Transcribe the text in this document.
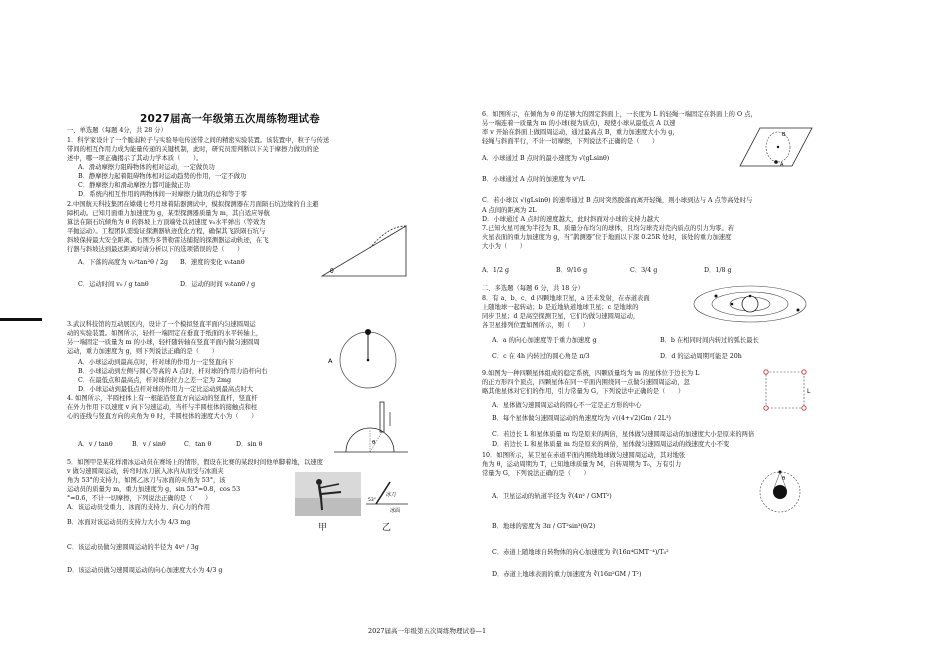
2027届高一年级第五次周练物理试卷
一、单选题（每题 4分，共 28 分）
1．科学家设计了一个脆弱粒子与实验导电传送带之间的精密实验装置。该装置中，粒子与传送
带间的相互作用力成为能量传递的关键机制，此时，研究员需判断以下关于摩擦力做功的论
述中，哪一项正确揭示了其动力学本质（　　）。
A．滑动摩擦力阻碍物体的相对运动，一定做负功
B．静摩擦力起着阻碍物体相对运动趋势的作用，一定不做功
C．静摩擦力和滑动摩擦力都可能做正功
D．系统内相互作用的两物体间一对摩擦力做功的总和等于零
2.中国航天科技集团在嫦娥七号月球着陆器测试中，模拟探测器在月面陨石坑边缘的自主避
障机动。已知月面重力加速度为 g，某型探测器质量为 m，其自适应导航
算法在陨石坑倾角为 θ 的斜坡上方顶端处以初速度 v₀水平弹出（等效为
平抛运动）。工程团队需验证探测器轨迹优化方程，确保其飞跃陨石坑与
斜坡保持最大安全距离。右图为多普勒雷达捕捉的探测器运动轨迹，在飞
行器与斜坡达到最远距离时请分析以下的选项错误的是（　　）
A．下落的高度为 v₀²tan²θ / 2g B．速度的变化 v₀tanθ
C．运动时间 v₀ / g tanθ	D．运动的时间 v₀tanθ / g
θ
3.武汉科技馆的互动展区内，设计了一个模拟竖直平面内匀速圆周运
动的实验装置。如图所示，轻杆一端固定在垂直于纸面的水平转轴上，
另一端固定一质量为 m 的小球，轻杆随转轴在竖直平面内做匀速圆周
运动，重力加速度为 g，则下列说法正确的是（　　）
A．小球运动到最高点时，杆对球的作用力一定竖直向下
B．小球运动到左侧与圆心等高的 A 点时，杆对球的作用力沿杆向右
C．在最低点和最高点，杆对球的拉力之差一定为 2mg
D．小球运动到最低点杆对球的作用力一定比运动到最高点时大
A
4. 如图所示，半圆柱体上有一根能沿竖直方向运动的竖直杆，竖直杆
在外力作用下以速度 v 向下匀速运动，当杆与半圆柱体的接触点和柱
心的连线与竖直方向的夹角为 θ 时，半圆柱体的速度大小为（　　）
A．v / tanθ	B．v / sinθ	C．tan θ	D．sin θ	θ
5．如图甲是某花样滑冰运动员在赛场上的情形，假设在比赛的某段时间他单脚着地，以速度
v 做匀速圆周运动，转弯时冰刀嵌入冰内从而受与冰面夹
角为 53°的支持力，如图乙冰刀与冰面的夹角为 53°，该
运动员的质量为 m，重力加速度为 g，sin 53°=0.8，cos 53
°=0.6，不计一切摩擦，下列说法正确的是（　　）
A．该运动员受重力、冰面的支持力、向心力的作用
B．冰面对该运动员的支持力大小为 4/3 mg
C．该运动员做匀速圆周运动的半径为 4v² / 3g
D．该运动员做匀速圆周运动的向心加速度大小为 4/3 g
冰刀
冰面
53°
甲	乙
6．如图所示，在倾角为 θ 的足够大的固定斜面上，一长度为 L 的轻绳一端固定在斜面上的 O 点，
另一端连着一质量为 m 的小球(视为质点)，现使小球从最低点 A 以速
率 v 开始在斜面上做圆周运动，通过最高点 B，重力加速度大小为 g，
轻绳与斜面平行，不计一切摩擦，下列说法不正确的是（　　）
A．小球通过 B 点时的最小速度为 √(gLsinθ)
B．小球通过 A 点时的加速度为 v²/L
C．若小球以 √(gLsinθ) 的速率通过 B 点时突然脱落而离开轻绳，则小球到达与 A 点等高处时与
A 点间的距离为 2L
D．小球通过 A 点时的速度越大，此时斜面对小球的支持力越大
B
A
7.已知火星可视为半径为 R、质量分布均匀的球体，且均匀球壳对壳内质点的引力为零。若
火星表面的重力加速度为 g，当“鹊测器”位于地面以下深 0.25R 处时，该处的重力加速度
大小为（　　）
A．1/2 g	B．9/16 g	C．3/4 g	D．1/8 g
二、多选题（每题 6 分，共 18 分）
8．有 a、b、c、d 四颗地球卫星，a 还未发射，在赤道表面
上随地球一起转动；b 是近地轨道地球卫星；c 是地球的
同步卫星；d 是高空探测卫星，它们均做匀速圆周运动，
各卫星排列位置如图所示，则（　　）
A．a 的向心加速度等于重力加速度 g	B．b 在相同时间内转过的弧长最长
C．c 在 4h 内转过的圆心角是 π/3	D．d 的运动周期可能是 20h
9.如图为一种四颗星体组成的稳定系统，四颗质量均为 m 的星体位于边长为 L
的正方形四个顶点，四颗星体在同一平面内围绕同一点做匀速圆周运动，忽
略其他星体对它们的作用，引力常量为 G，下列说法中正确的是（　　）
A．星体做匀速圆周运动的圆心不一定是正方形的中心
B．每个星体做匀速圆周运动的角速度均为 √((4+√2)Gm / 2L³)
C．若边长 L 和星体质量 m 均是原来的两倍，星体做匀速圆周运动的加速度大小是原来的两倍
D．若边长 L 和星体质量 m 均是原来的两倍，星体做匀速圆周运动的线速度大小不变
L
10．如图所示，某卫星在赤道平面内围绕地球做匀速圆周运动，其对地张
角为 θ，运动周期为 T，已知地球质量为 M，自转周期为 T₀，万有引力
常量为 G，下列说法正确的是（　　）
A．卫星运动的轨道半径为 ∛(4π² / GMT²)
B．地球的密度为 3π / GT²sin³(θ/2)
C．赤道上随地球自转物体的向心加速度为 ∛(16π⁴GMT⁻⁴)/T₀²
D．赤道上地球表面的重力加速度为 ∛(16π²GM / T²)
θ
2027届高一年级第五次周练物理试卷—1
